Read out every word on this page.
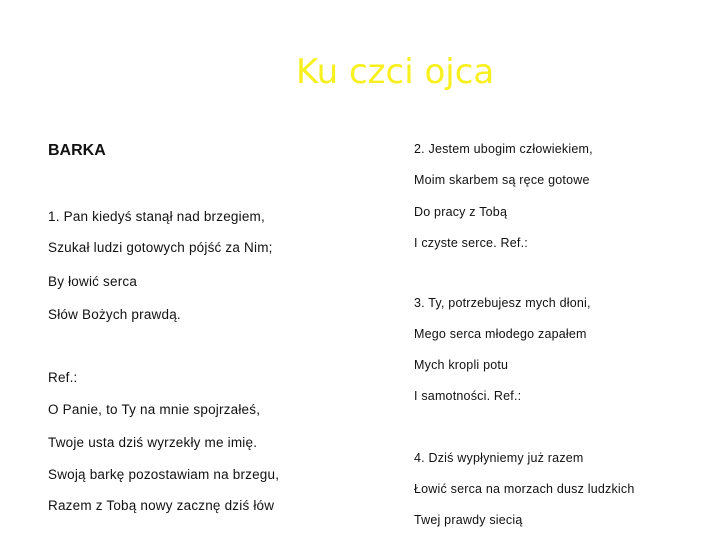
Ku czci ojca
BARKA
1. Pan kiedyś stanął nad brzegiem,
Szukał ludzi gotowych pójść za Nim;
By łowić serca
Słów Bożych prawdą.
Ref.:
O Panie, to Ty na mnie spojrzałeś,
Twoje usta dziś wyrzekły me imię.
Swoją barkę pozostawiam na brzegu,
Razem z Tobą nowy zacznę dziś łów
2. Jestem ubogim człowiekiem,
Moim skarbem są ręce gotowe
Do pracy z Tobą
I czyste serce. Ref.:
3. Ty, potrzebujesz mych dłoni,
Mego serca młodego zapałem
Mych kropli potu
I samotności. Ref.:
4. Dziś wypłyniemy już razem
Łowić serca na morzach dusz ludzkich
Twej prawdy siecią
